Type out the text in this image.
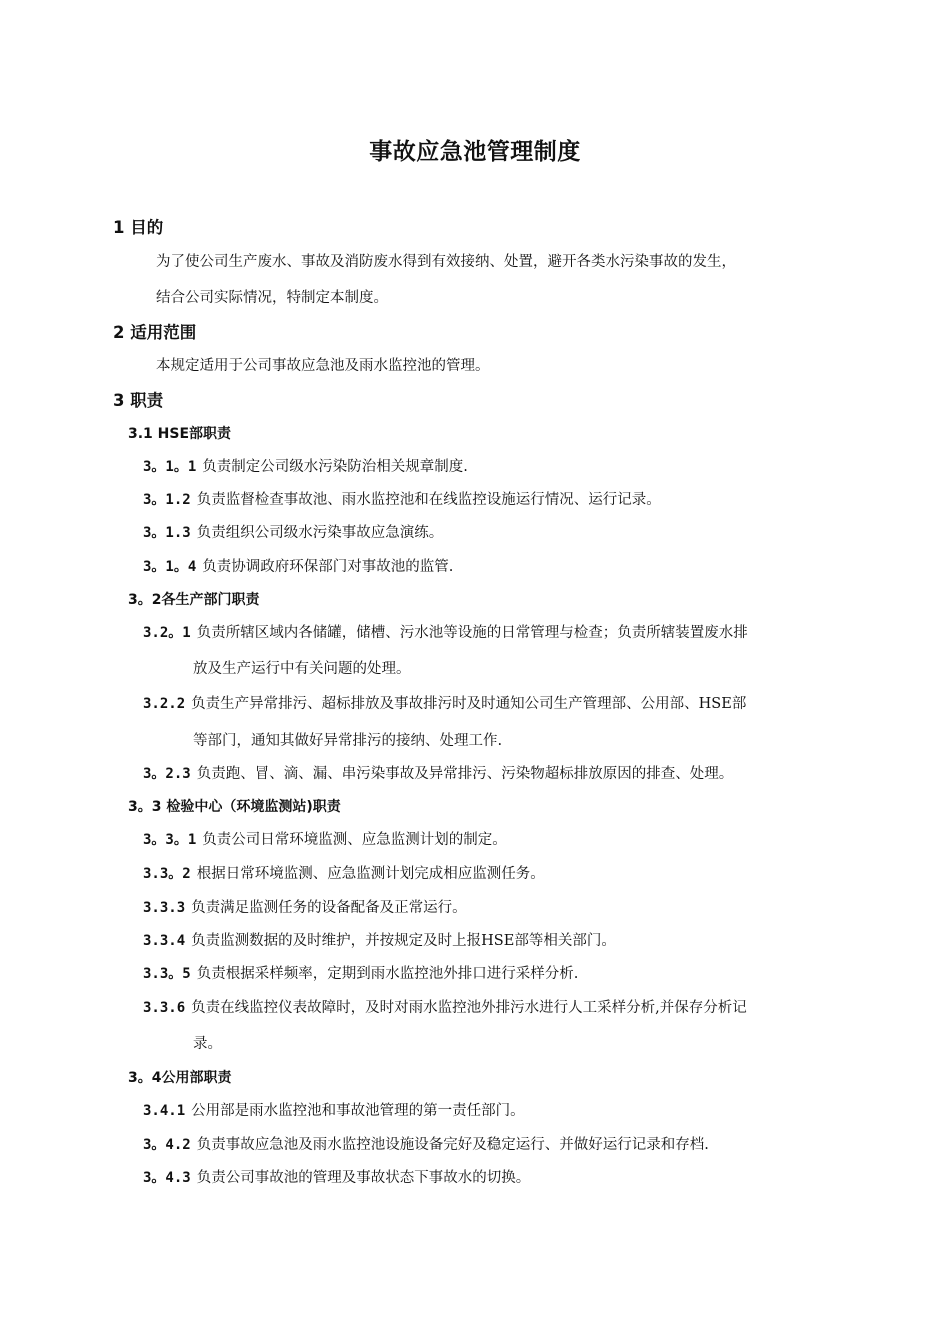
事故应急池管理制度
1 目的
为了使公司生产废水、事故及消防废水得到有效接纳、处置，避开各类水污染事故的发生，
结合公司实际情况，特制定本制度。
2 适用范围
本规定适用于公司事故应急池及雨水监控池的管理。
3 职责
3.1 HSE部职责
3。1。1 负责制定公司级水污染防治相关规章制度.
3。1.2 负责监督检查事故池、雨水监控池和在线监控设施运行情况、运行记录。
3。1.3 负责组织公司级水污染事故应急演练。
3。1。4 负责协调政府环保部门对事故池的监管.
3。2各生产部门职责
3.2。1 负责所辖区域内各储罐，储槽、污水池等设施的日常管理与检查；负责所辖装置废水排
放及生产运行中有关问题的处理。
3.2.2 负责生产异常排污、超标排放及事故排污时及时通知公司生产管理部、公用部、HSE部
等部门，通知其做好异常排污的接纳、处理工作.
3。2.3 负责跑、冒、滴、漏、串污染事故及异常排污、污染物超标排放原因的排查、处理。
3。3 检验中心（环境监测站)职责
3。3。1 负责公司日常环境监测、应急监测计划的制定。
3.3。2 根据日常环境监测、应急监测计划完成相应监测任务。
3.3.3 负责满足监测任务的设备配备及正常运行。
3.3.4 负责监测数据的及时维护，并按规定及时上报HSE部等相关部门。
3.3。5 负责根据采样频率，定期到雨水监控池外排口进行采样分析.
3.3.6 负责在线监控仪表故障时，及时对雨水监控池外排污水进行人工采样分析,并保存分析记
录。
3。4公用部职责
3.4.1 公用部是雨水监控池和事故池管理的第一责任部门。
3。4.2 负责事故应急池及雨水监控池设施设备完好及稳定运行、并做好运行记录和存档.
3。4.3 负责公司事故池的管理及事故状态下事故水的切换。
